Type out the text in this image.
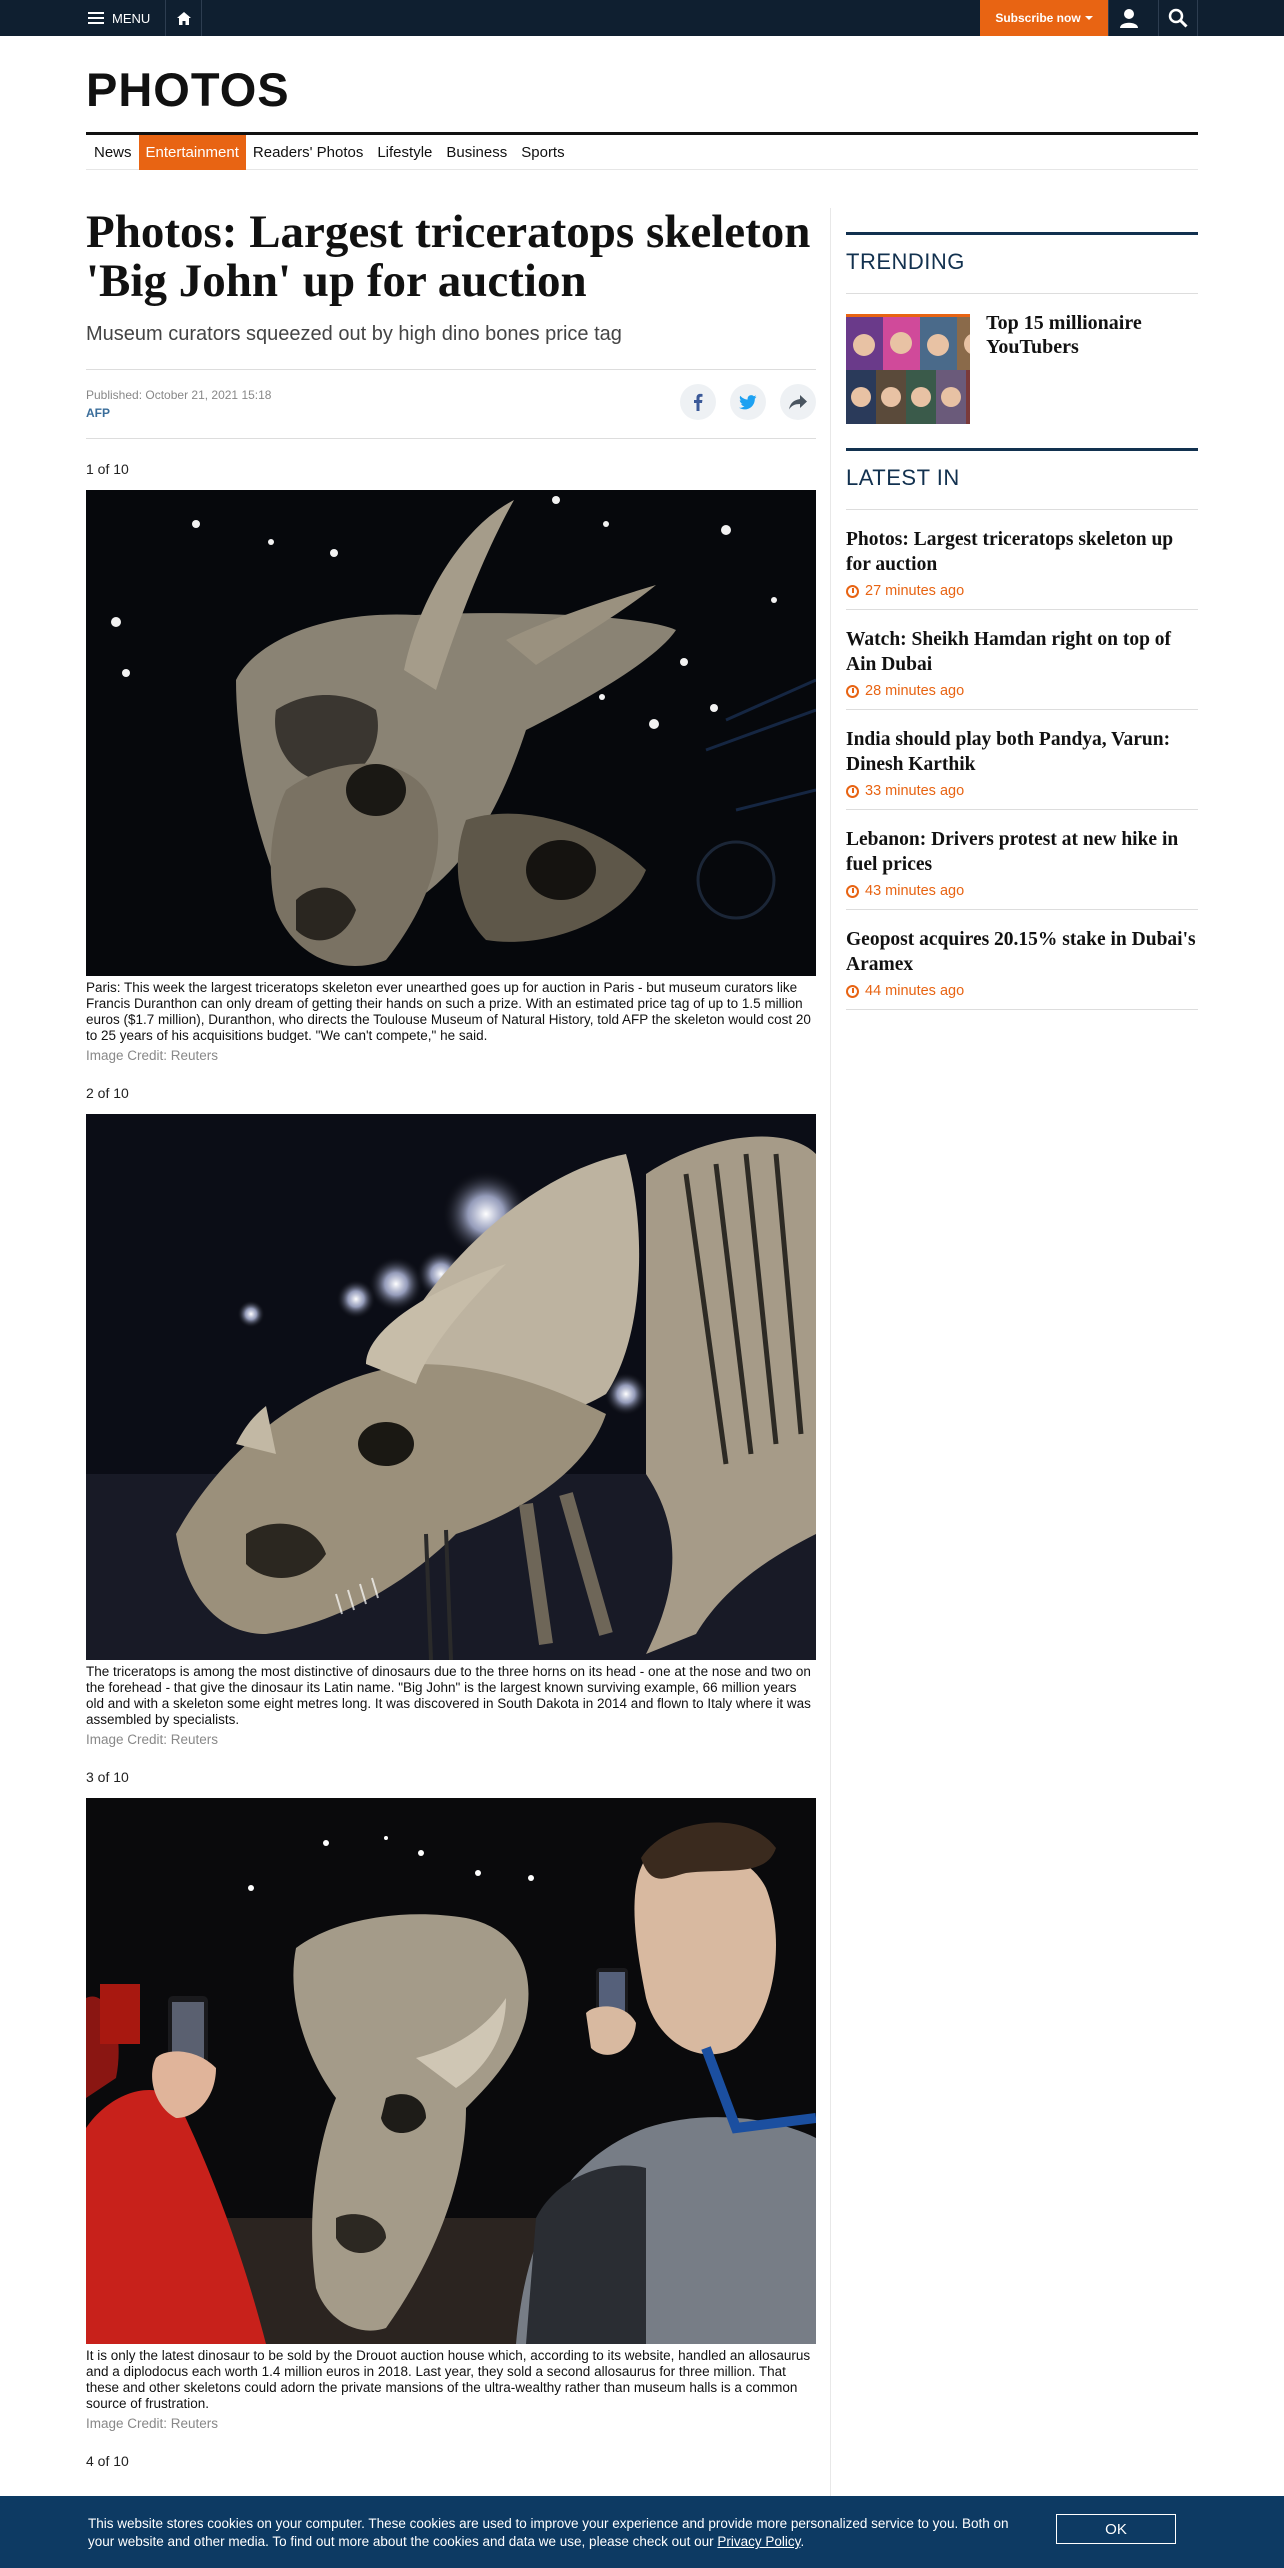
MENU	Subscribe now
PHOTOS
News Entertainment Readers' Photos Lifestyle Business Sports
Photos: Largest triceratops skeleton 'Big John' up for auction
Museum curators squeezed out by high dino bones price tag
Published: October 21, 2021 15:18
AFP
1 of 10
Paris: This week the largest triceratops skeleton ever unearthed goes up for auction in Paris - but museum curators like Francis Duranthon can only dream of getting their hands on such a prize. With an estimated price tag of up to 1.5 million euros ($1.7 million), Duranthon, who directs the Toulouse Museum of Natural History, told AFP the skeleton would cost 20 to 25 years of his acquisitions budget. "We can't compete," he said.
Image Credit: Reuters
2 of 10
The triceratops is among the most distinctive of dinosaurs due to the three horns on its head - one at the nose and two on the forehead - that give the dinosaur its Latin name. "Big John" is the largest known surviving example, 66 million years old and with a skeleton some eight metres long. It was discovered in South Dakota in 2014 and flown to Italy where it was assembled by specialists.
Image Credit: Reuters
3 of 10
It is only the latest dinosaur to be sold by the Drouot auction house which, according to its website, handled an allosaurus and a diplodocus each worth 1.4 million euros in 2018. Last year, they sold a second allosaurus for three million. That these and other skeletons could adorn the private mansions of the ultra-wealthy rather than museum halls is a common source of frustration.
Image Credit: Reuters
4 of 10
TRENDING
Top 15 millionaire YouTubers
LATEST IN
Photos: Largest triceratops skeleton up for auction
27 minutes ago
Watch: Sheikh Hamdan right on top of Ain Dubai
28 minutes ago
India should play both Pandya, Varun: Dinesh Karthik
33 minutes ago
Lebanon: Drivers protest at new hike in fuel prices
43 minutes ago
Geopost acquires 20.15% stake in Dubai's Aramex
44 minutes ago
This website stores cookies on your computer. These cookies are used to improve your experience and provide more personalized service to you. Both on your website and other media. To find out more about the cookies and data we use, please check out our Privacy Policy.
OK
